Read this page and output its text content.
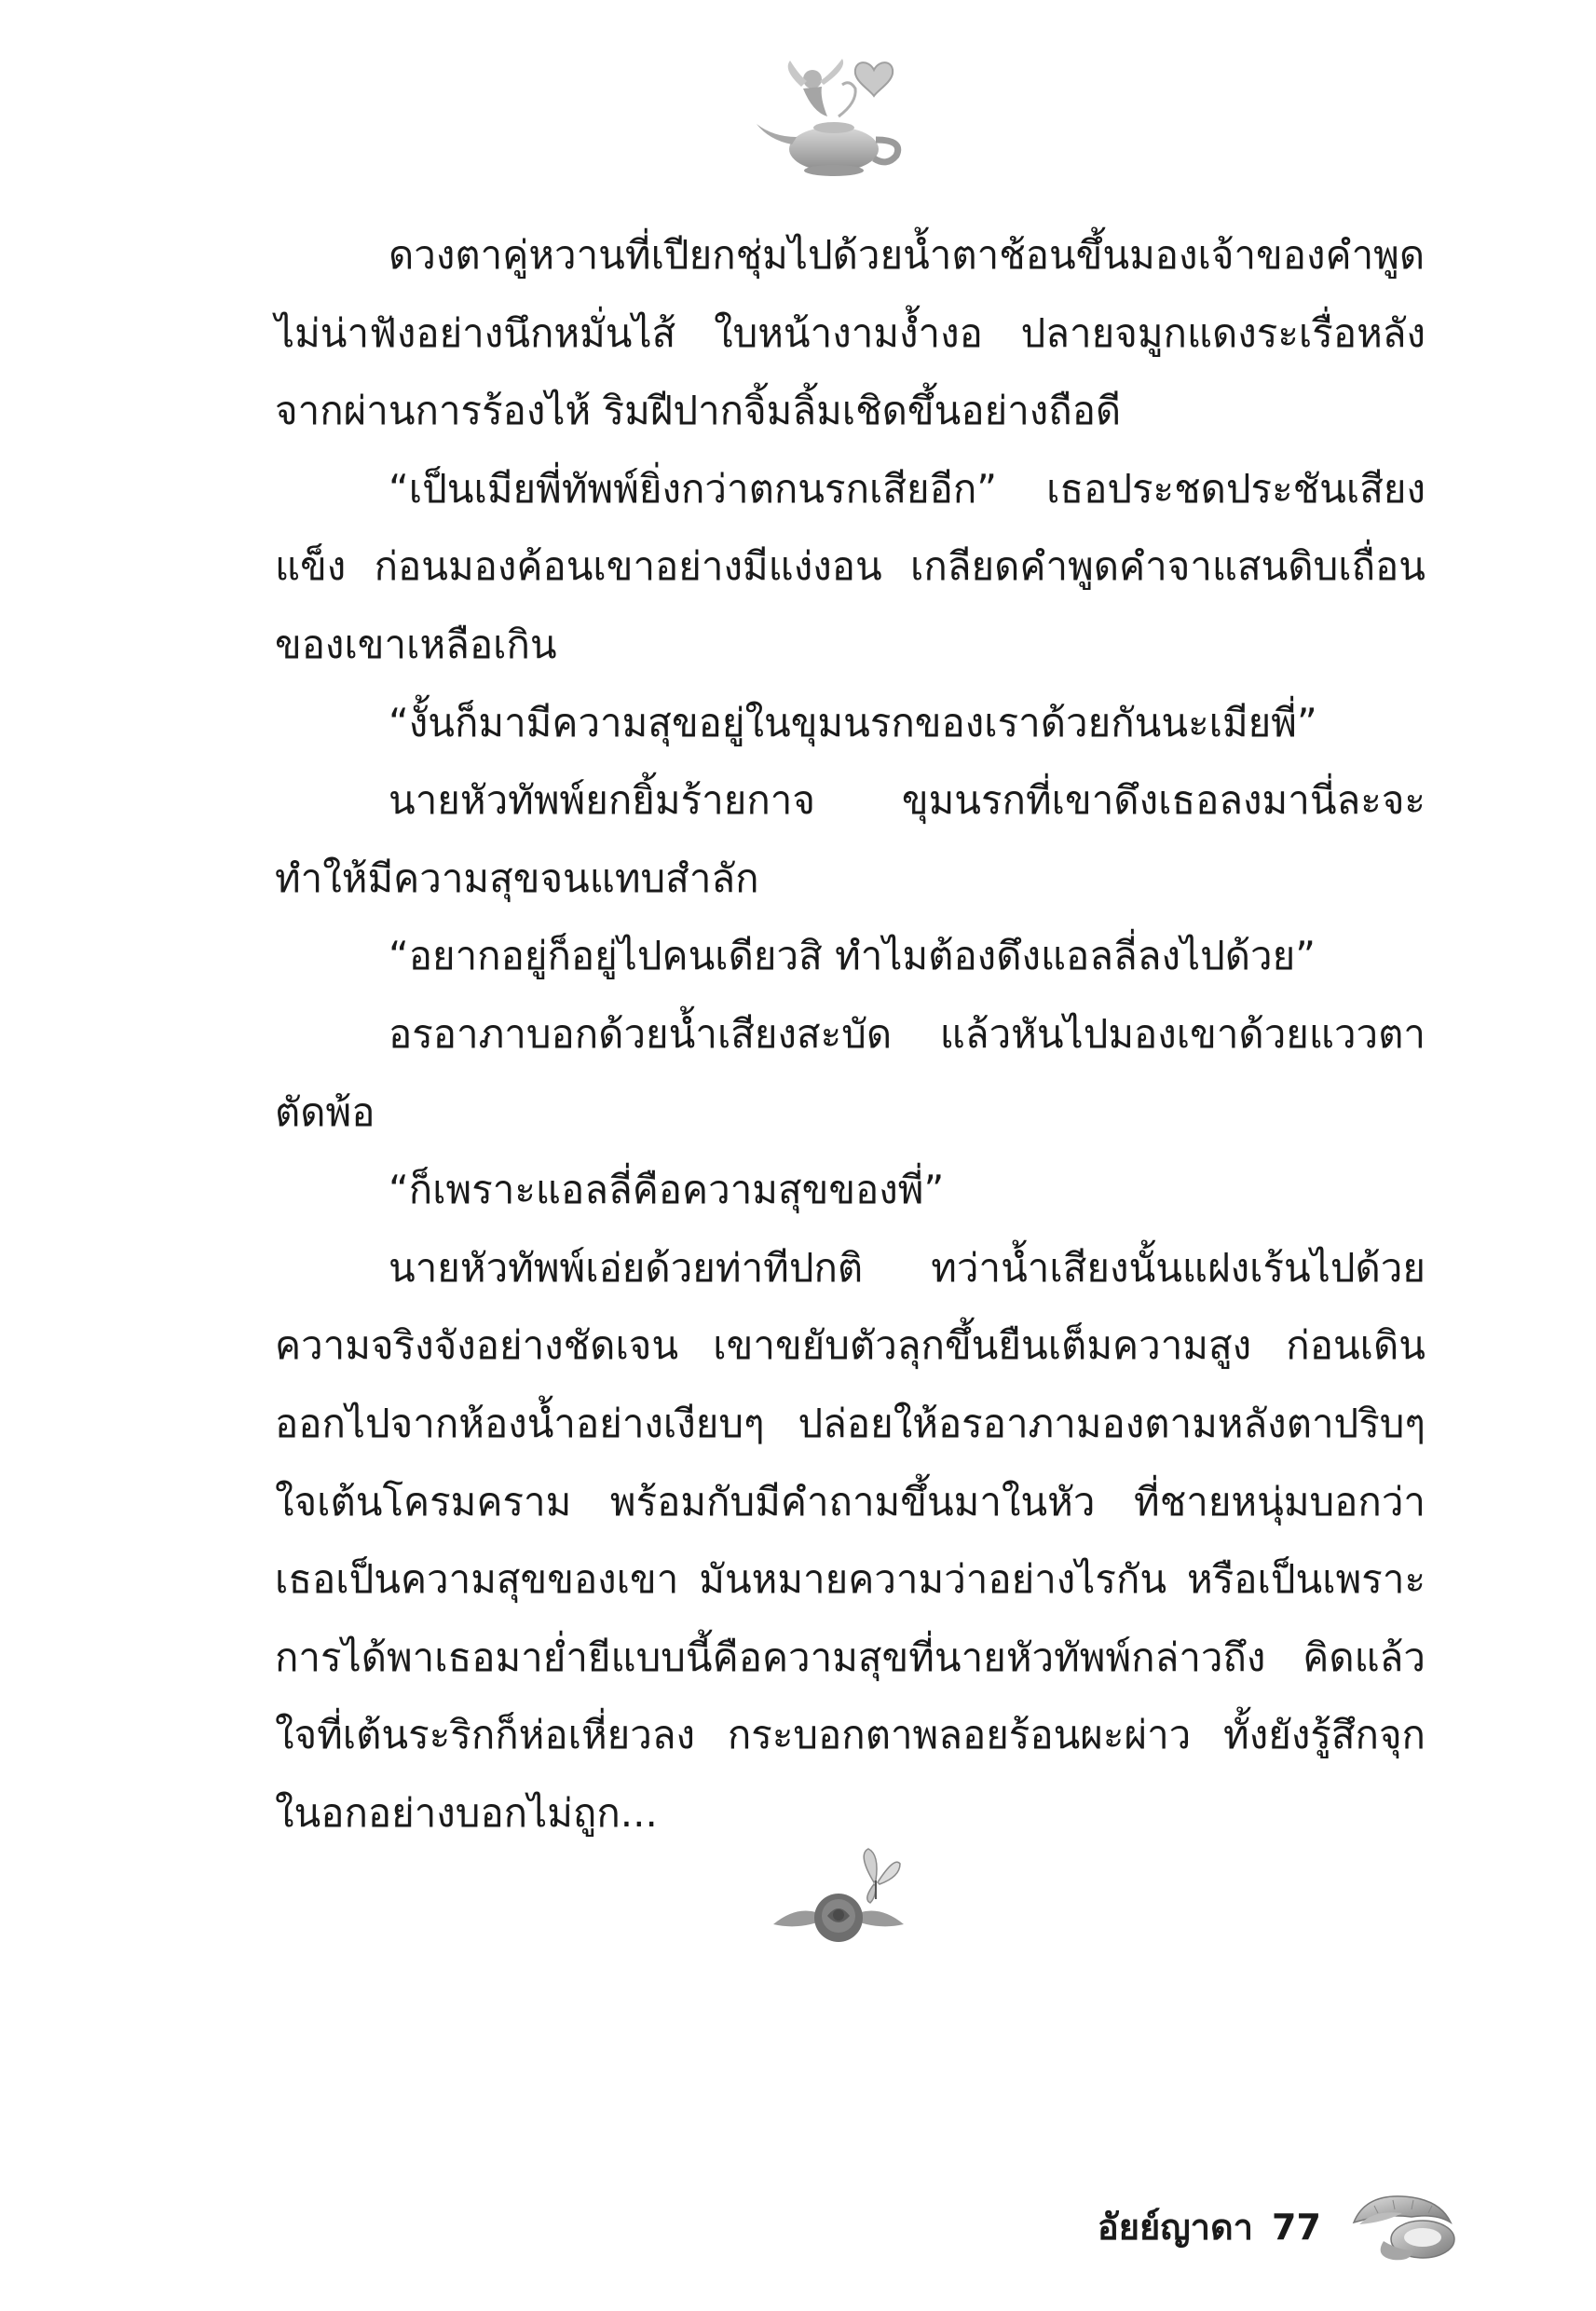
ดวงตาคู่หวานที่เปียกชุ่มไปด้วยน้ำตาช้อนขึ้นมองเจ้าของคำพูดไม่น่าฟังอย่างนึกหมั่นไส้ ใบหน้างามง้ำงอ ปลายจมูกแดงระเรื่อหลังจากผ่านการร้องไห้ ริมฝีปากจิ้มลิ้มเชิดขึ้นอย่างถือดี

“เป็นเมียพี่ทัพพ์ยิ่งกว่าตกนรกเสียอีก” เธอประชดประชันเสียงแข็ง ก่อนมองค้อนเขาอย่างมีแง่งอน เกลียดคำพูดคำจาแสนดิบเถื่อนของเขาเหลือเกิน

“งั้นก็มามีความสุขอยู่ในขุมนรกของเราด้วยกันนะเมียพี่”

นายหัวทัพพ์ยกยิ้มร้ายกาจ ขุมนรกที่เขาดึงเธอลงมานี่ละจะทำให้มีความสุขจนแทบสำลัก

“อยากอยู่ก็อยู่ไปคนเดียวสิ ทำไมต้องดึงแอลลี่ลงไปด้วย”

อรอาภาบอกด้วยน้ำเสียงสะบัด แล้วหันไปมองเขาด้วยแววตาตัดพ้อ

“ก็เพราะแอลลี่คือความสุขของพี่”

นายหัวทัพพ์เอ่ยด้วยท่าทีปกติ ทว่าน้ำเสียงนั้นแฝงเร้นไปด้วยความจริงจังอย่างชัดเจน เขาขยับตัวลุกขึ้นยืนเต็มความสูง ก่อนเดินออกไปจากห้องน้ำอย่างเงียบๆ ปล่อยให้อรอาภามองตามหลังตาปริบๆ ใจเต้นโครมคราม พร้อมกับมีคำถามขึ้นมาในหัว ที่ชายหนุ่มบอกว่าเธอเป็นความสุขของเขา มันหมายความว่าอย่างไรกัน หรือเป็นเพราะการได้พาเธอมาย่ำยีแบบนี้คือความสุขที่นายหัวทัพพ์กล่าวถึง คิดแล้วใจที่เต้นระริกก็ห่อเหี่ยวลง กระบอกตาพลอยร้อนผะผ่าว ทั้งยังรู้สึกจุกในอกอย่างบอกไม่ถูก...

อัยย์ญาดา 77
